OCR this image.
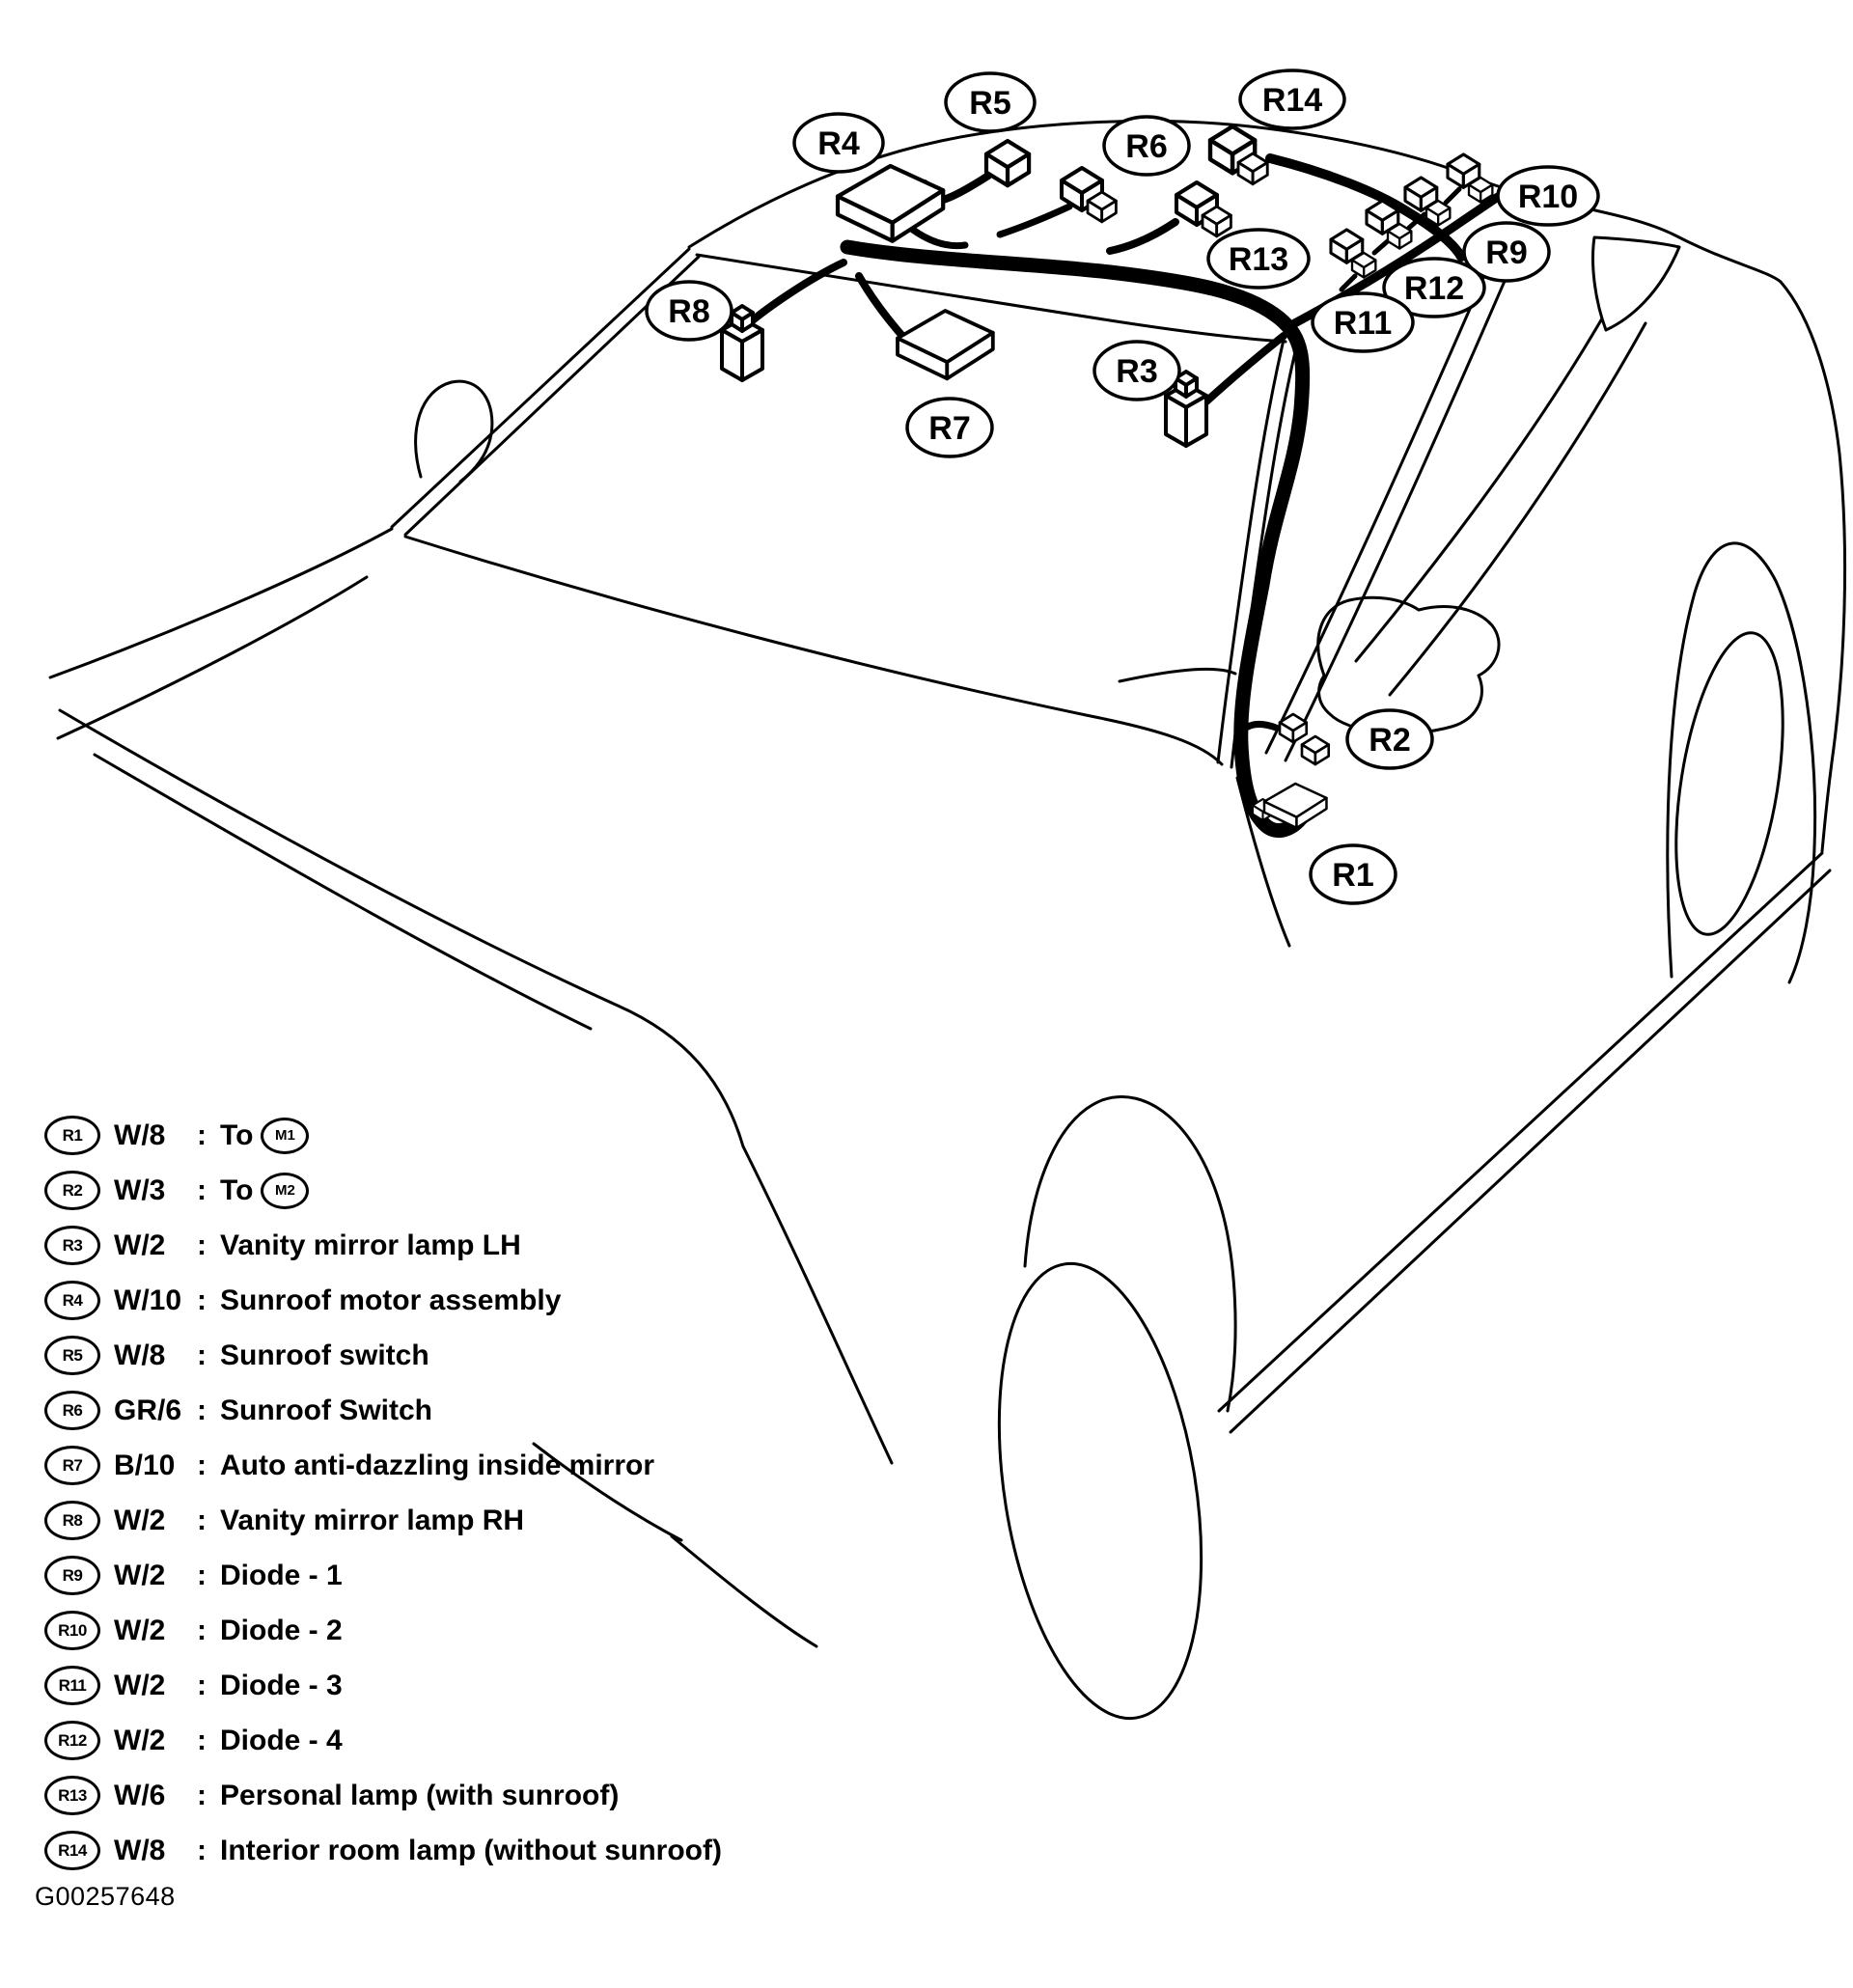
R4
R5
R6
R14
R10
R9
R13
R12
R11
R8
R3
R7
R2
R1
R1	W/8	: To	M1
R2	W/3	: To	M2
R3	W/2	: Vanity mirror lamp LH
R4	W/10 : Sunroof motor assembly
R5	W/8	: Sunroof switch
R6	GR/6 : Sunroof Switch
R7	B/10 : Auto anti-dazzling inside mirror
R8	W/2	: Vanity mirror lamp RH
R9	W/2	: Diode - 1
R10 W/2	: Diode - 2
R11 W/2	: Diode - 3
R12 W/2	: Diode - 4
R13 W/6	: Personal lamp (with sunroof)
R14 W/8	: Interior room lamp (without sunroof)
G00257648
